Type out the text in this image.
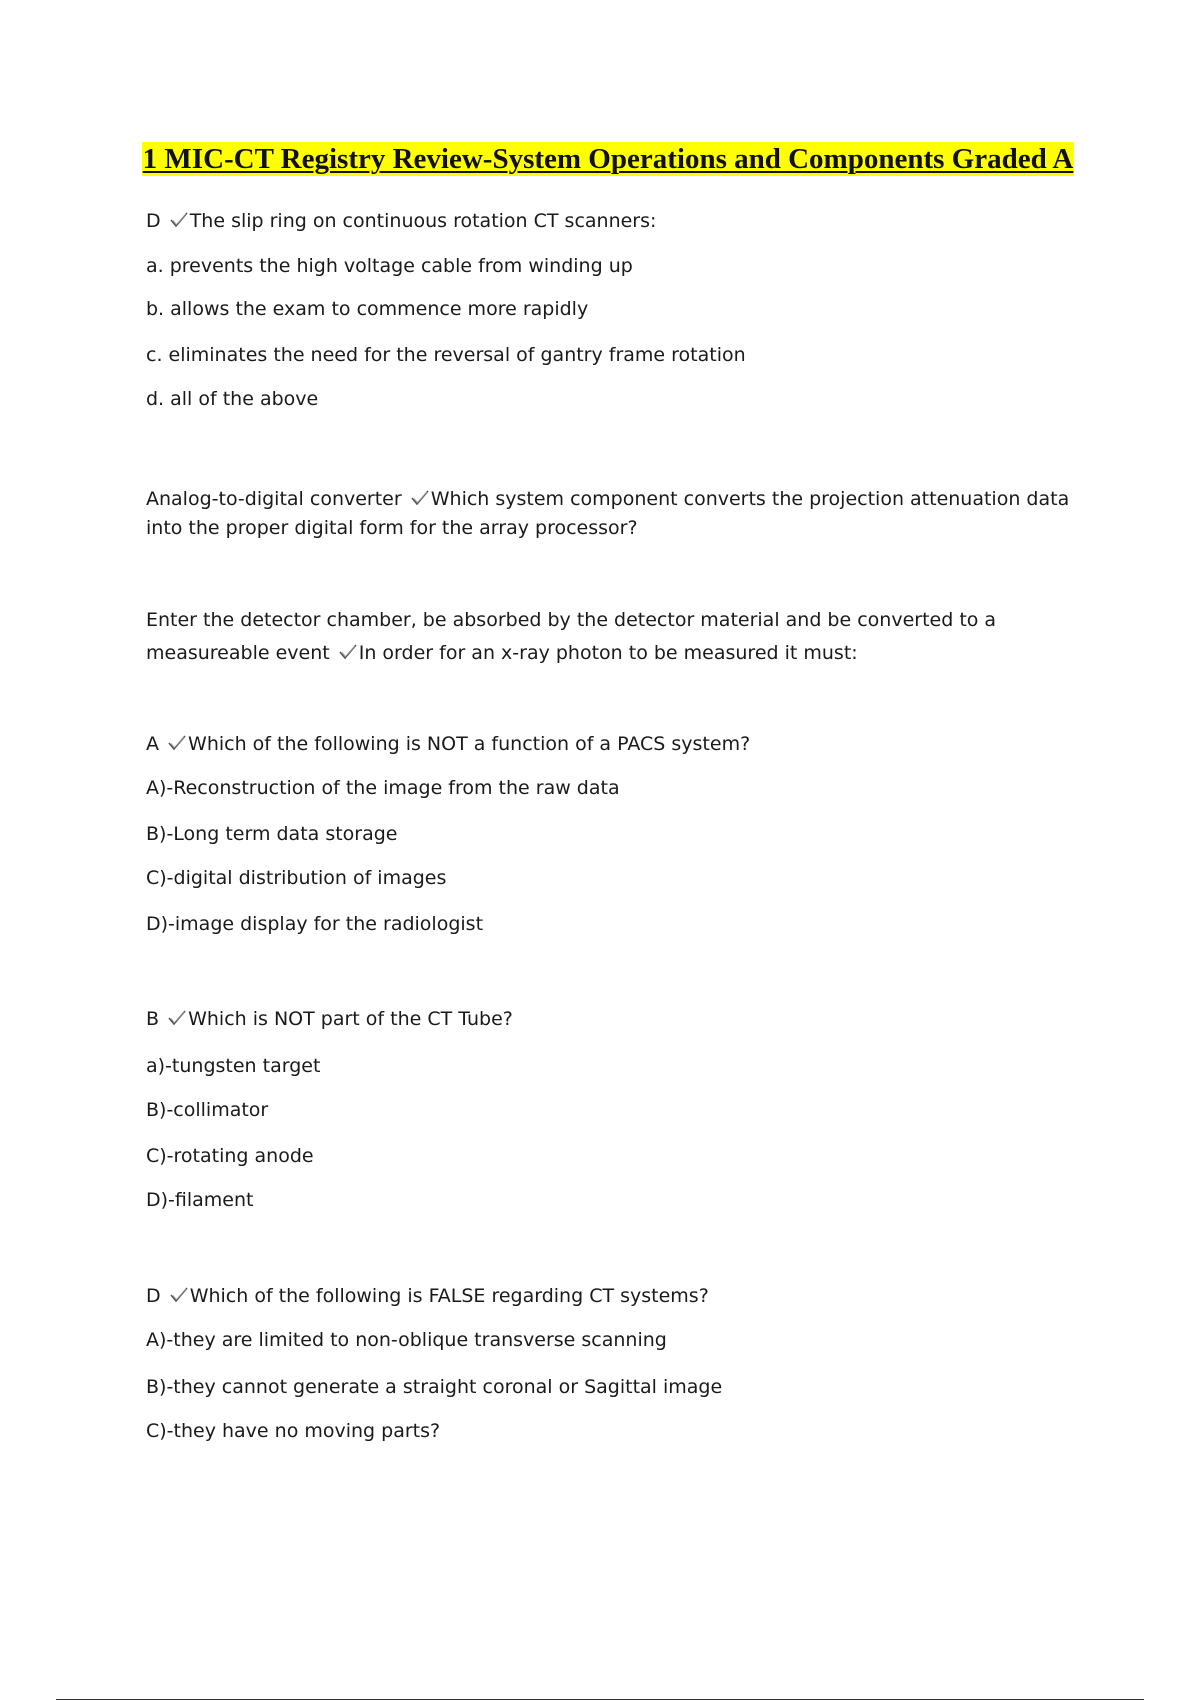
1 MIC-CT Registry Review-System Operations and Components Graded A

D The slip ring on continuous rotation CT scanners:

a. prevents the high voltage cable from winding up

b. allows the exam to commence more rapidly

c. eliminates the need for the reversal of gantry frame rotation

d. all of the above

Analog-to-digital converter Which system component converts the projection attenuation data into the proper digital form for the array processor?

Enter the detector chamber, be absorbed by the detector material and be converted to a measureable event In order for an x-ray photon to be measured it must:

A Which of the following is NOT a function of a PACS system?

A)-Reconstruction of the image from the raw data

B)-Long term data storage

C)-digital distribution of images

D)-image display for the radiologist

B Which is NOT part of the CT Tube?

a)-tungsten target

B)-collimator

C)-rotating anode

D)-filament

D Which of the following is FALSE regarding CT systems?

A)-they are limited to non-oblique transverse scanning

B)-they cannot generate a straight coronal or Sagittal image

C)-they have no moving parts?
